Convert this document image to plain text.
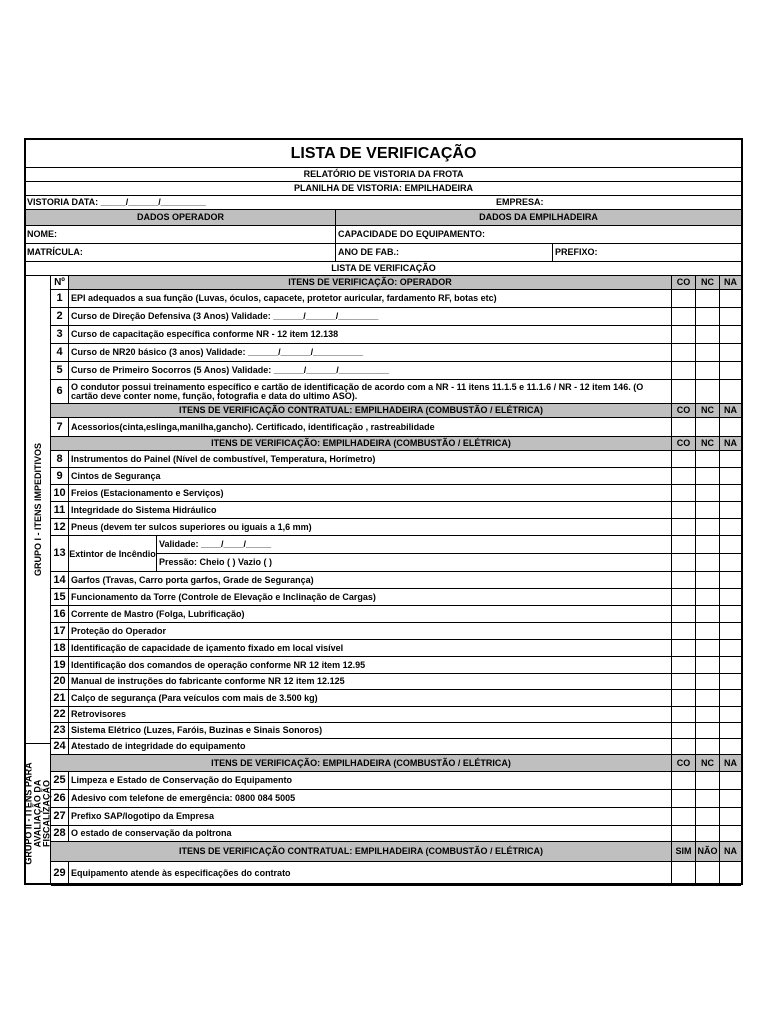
LISTA DE VERIFICAÇÃO
RELATÓRIO DE VISTORIA DA FROTA
PLANILHA DE VISTORIA: EMPILHADEIRA
VISTORIA DATA: _____/______/_________	EMPRESA:
DADOS OPERADOR	DADOS DA EMPILHADEIRA
NOME:	CAPACIDADE DO EQUIPAMENTO:
MATRÍCULA:	ANO DE FAB.:	PREFIXO:
LISTA DE VERIFICAÇÃO
GRUPO I - ITENS IMPEDITIVOS
GRUPO II - ITENS PARA AVALIAÇÃO DA FISCALIZAÇÃO
Nº	ITENS DE VERIFICAÇÃO: OPERADOR	CO	NC	NA
1 EPI adequados a sua função (Luvas, óculos, capacete, protetor auricular, fardamento RF, botas etc)
2 Curso de Direção Defensiva (3 Anos) Validade: ______/______/________
3 Curso de capacitação específica conforme NR - 12 item 12.138
4 Curso de NR20 básico (3 anos) Validade: ______/______/__________
5 Curso de Primeiro Socorros (5 Anos) Validade: ______/______/__________
6 O condutor possui treinamento específico e cartão de identificação de acordo com a NR - 11 itens 11.1.5 e 11.1.6 / NR - 12 item 146. (O cartão deve conter nome, função, fotografia e data do ultimo ASO).
ITENS DE VERIFICAÇÃO CONTRATUAL: EMPILHADEIRA (COMBUSTÃO / ELÉTRICA)	CO	NC	NA
7 Acessorios(cinta,eslinga,manilha,gancho). Certificado, identificação , rastreabilidade
ITENS DE VERIFICAÇÃO: EMPILHADEIRA (COMBUSTÃO / ELÉTRICA)	CO	NC	NA
8 Instrumentos do Painel (Nível de combustível, Temperatura, Horímetro)
9 Cintos de Segurança
10 Freios (Estacionamento e Serviços)
11 Integridade do Sistema Hidráulico
12 Pneus (devem ter sulcos superiores ou iguais a 1,6 mm)
13 Extintor de Incêndio
Validade: ____/____/_____
Pressão: Cheio ( ) Vazio ( )
14 Garfos (Travas, Carro porta garfos, Grade de Segurança)
15 Funcionamento da Torre (Controle de Elevação e Inclinação de Cargas)
16 Corrente de Mastro (Folga, Lubrificação)
17 Proteção do Operador
18 Identificação de capacidade de içamento fixado em local visível
19 Identificação dos comandos de operação conforme NR 12 item 12.95
20 Manual de instruções do fabricante conforme NR 12 item 12.125
21 Calço de segurança (Para veículos com mais de 3.500 kg)
22 Retrovisores
23 Sistema Elétrico (Luzes, Faróis, Buzinas e Sinais Sonoros)
24 Atestado de integridade do equipamento
ITENS DE VERIFICAÇÃO: EMPILHADEIRA (COMBUSTÃO / ELÉTRICA)	CO	NC	NA
25 Limpeza e Estado de Conservação do Equipamento
26 Adesivo com telefone de emergência: 0800 084 5005
27 Prefixo SAP/logotipo da Empresa
28 O estado de conservação da poltrona
ITENS DE VERIFICAÇÃO CONTRATUAL: EMPILHADEIRA (COMBUSTÃO / ELÉTRICA)	SIM NÃO NA
29 Equipamento atende às especificações do contrato
